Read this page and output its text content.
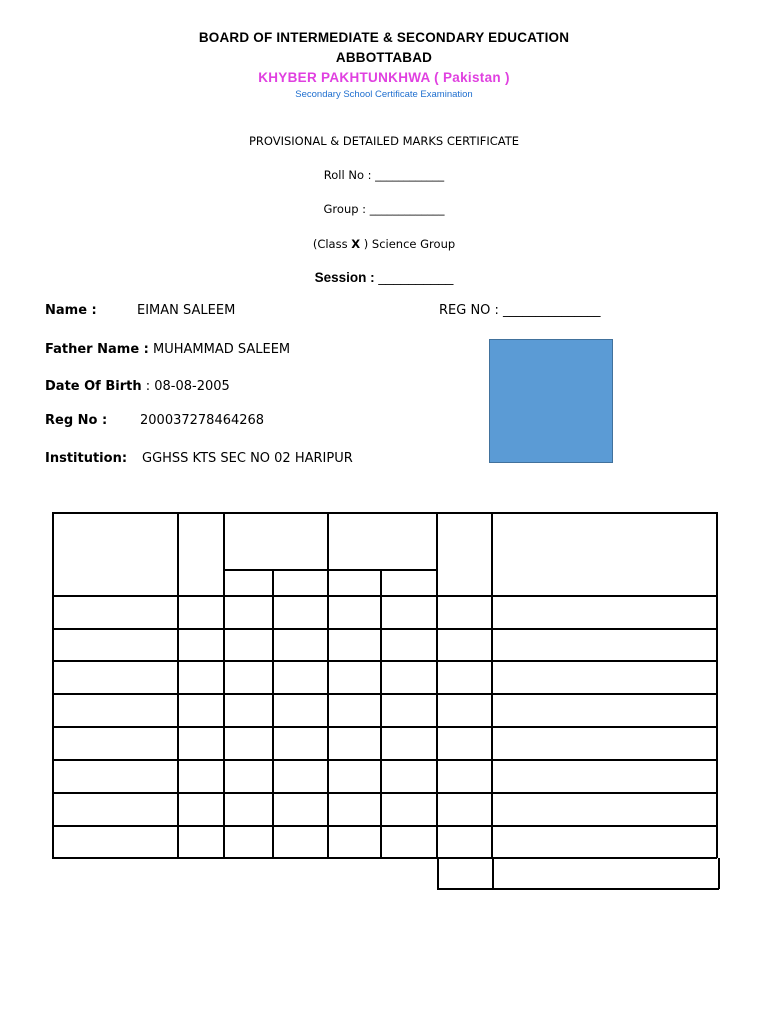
BOARD OF INTERMEDIATE & SECONDARY EDUCATION
ABBOTTABAD
KHYBER PAKHTUNKHWA ( Pakistan )
Secondary School Certificate Examination
PROVISIONAL & DETAILED MARKS CERTIFICATE
Roll No : ____________
Group : _____________
(Class X ) Science Group
Session : __________
Name :	EIMAN SALEEM	REG NO : _______________
Father Name : MUHAMMAD SALEEM
Date Of Birth : 08-08-2005
Reg No :	200037278464268
Institution: GGHSS KTS SEC NO 02 HARIPUR
